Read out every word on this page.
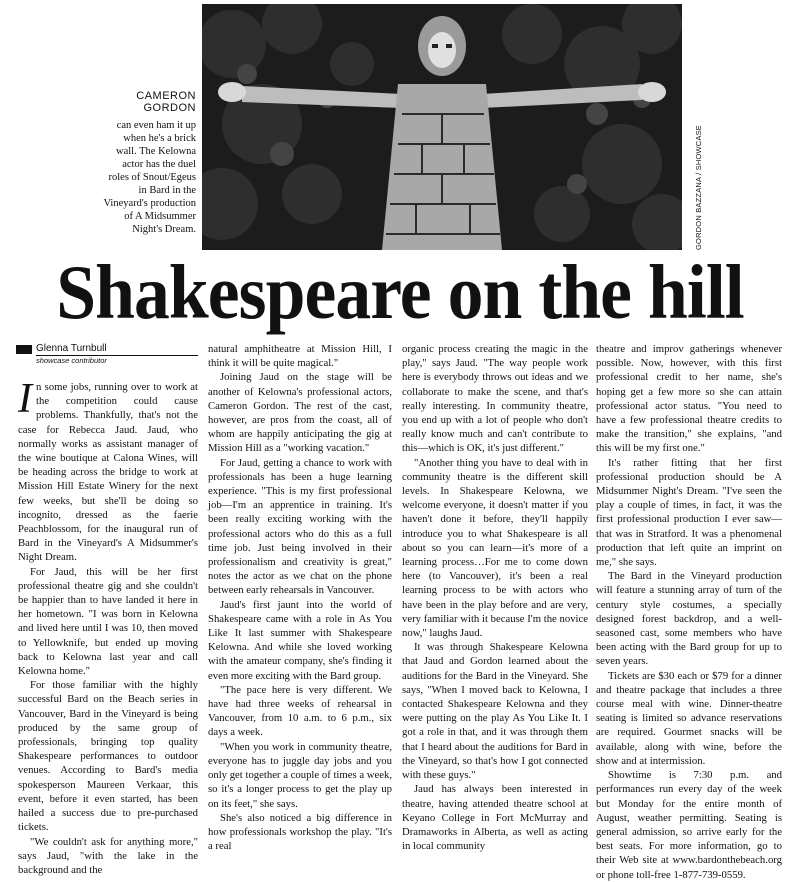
GORDON BAZZANA / SHOWCASE
CAMERON
GORDON
can even ham it up when he's a brick wall. The Kelowna actor has the duel roles of Snout/Egeus in Bard in the Vineyard's production of A Midsummer Night's Dream.
Shakespeare on the hill
Glenna Turnbull
showcase contributor

In some jobs, running over to work at the competition could cause problems. Thankfully, that's not the case for Rebecca Jaud. Jaud, who normally works as assistant manager of the wine boutique at Calona Wines, will be heading across the bridge to work at Mission Hill Estate Winery for the next few weeks, but she'll be doing so incognito, dressed as the faerie Peachblossom, for the inaugural run of Bard in the Vineyard's A Midsummer's Night Dream.

For Jaud, this will be her first professional theatre gig and she couldn't be happier than to have landed it here in her hometown. "I was born in Kelowna and lived here until I was 10, then moved to Yellowknife, but ended up moving back to Kelowna last year and call Kelowna home."

For those familiar with the highly successful Bard on the Beach series in Vancouver, Bard in the Vineyard is being produced by the same group of professionals, bringing top quality Shakespeare performances to outdoor venues. According to Bard's media spokesperson Maureen Verkaar, this event, before it even started, has been hailed a success due to pre-purchased tickets.

"We couldn't ask for anything more," says Jaud, "with the lake in the background and the

natural amphitheatre at Mission Hill, I think it will be quite magical."

Joining Jaud on the stage will be another of Kelowna's professional actors, Cameron Gordon. The rest of the cast, however, are pros from the coast, all of whom are happily anticipating the gig at Mission Hill as a "working vacation."

For Jaud, getting a chance to work with professionals has been a huge learning experience. "This is my first professional job—I'm an apprentice in training. It's been really exciting working with the professional actors who do this as a full time job. Just being involved in their professionalism and creativity is great," notes the actor as we chat on the phone between early rehearsals in Vancouver.

Jaud's first jaunt into the world of Shakespeare came with a role in As You Like It last summer with Shakespeare Kelowna. And while she loved working with the amateur company, she's finding it even more exciting with the Bard group.

"The pace here is very different. We have had three weeks of rehearsal in Vancouver, from 10 a.m. to 6 p.m., six days a week.

"When you work in community theatre, everyone has to juggle day jobs and you only get together a couple of times a week, so it's a longer process to get the play up on its feet," she says.

She's also noticed a big difference in how professionals workshop the play. "It's a real

organic process creating the magic in the play," says Jaud. "The way people work here is everybody throws out ideas and we collaborate to make the scene, and that's really interesting. In community theatre, you end up with a lot of people who don't really know much and can't contribute to this—which is OK, it's just different."

"Another thing you have to deal with in community theatre is the different skill levels. In Shakespeare Kelowna, we welcome everyone, it doesn't matter if you haven't done it before, they'll happily introduce you to what Shakespeare is all about so you can learn—it's more of a learning process…For me to come down here (to Vancouver), it's been a real learning process to be with actors who have been in the play before and are very, very familiar with it because I'm the novice now," laughs Jaud.

It was through Shakespeare Kelowna that Jaud and Gordon learned about the auditions for the Bard in the Vineyard. She says, "When I moved back to Kelowna, I contacted Shakespeare Kelowna and they were putting on the play As You Like It. I got a role in that, and it was through them that I heard about the auditions for Bard in the Vineyard, so that's how I got connected with these guys."

Jaud has always been interested in theatre, having attended theatre school at Keyano College in Fort McMurray and Dramaworks in Alberta, as well as acting in local community

theatre and improv gatherings whenever possible. Now, however, with this first professional credit to her name, she's hoping get a few more so she can attain professional actor status. "You need to have a few professional theatre credits to make the transition," she explains, "and this will be my first one."

It's rather fitting that her first professional production should be A Midsummer Night's Dream. "I've seen the play a couple of times, in fact, it was the first professional production I ever saw—that was in Stratford. It was a phenomenal production that left quite an imprint on me," she says.

The Bard in the Vineyard production will feature a stunning array of turn of the century style costumes, a specially designed forest backdrop, and a well-seasoned cast, some members who have been acting with the Bard group for up to seven years.

Tickets are $30 each or $79 for a dinner and theatre package that includes a three course meal with wine. Dinner-theatre seating is limited so advance reservations are required. Gourmet snacks will be available, along with wine, before the show and at intermission.

Showtime is 7:30 p.m. and performances run every day of the week but Monday for the entire month of August, weather permitting. Seating is general admission, so arrive early for the best seats. For more information, go to their Web site at www.bardonthebeach.org or phone toll-free 1-877-739-0559.
